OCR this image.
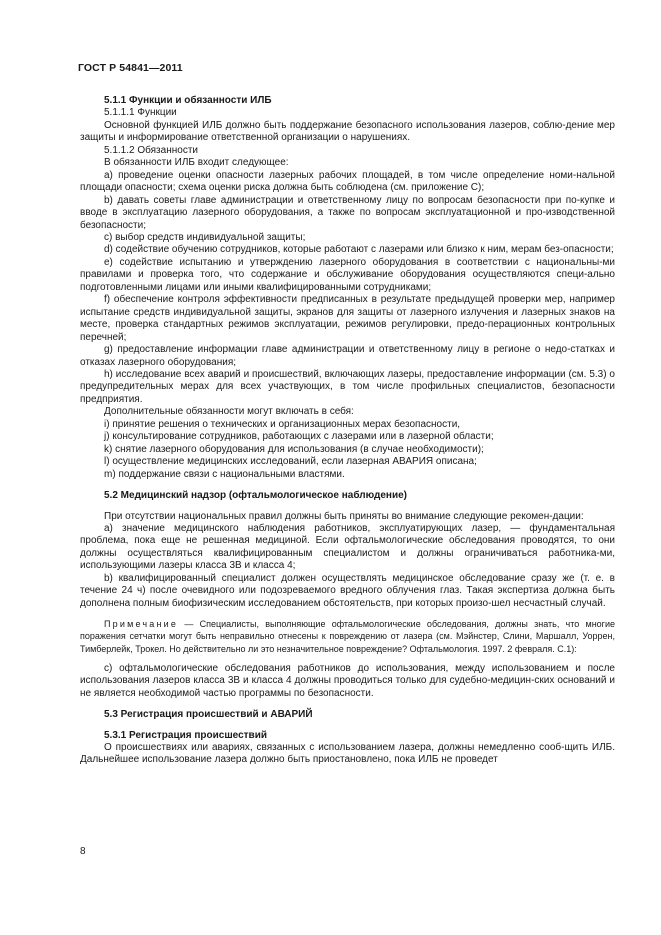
ГОСТ Р 54841—2011

5.1.1 Функции и обязанности ИЛБ

5.1.1.1 Функции

Основной функцией ИЛБ должно быть поддержание безопасного использования лазеров, соблю-дение мер защиты и информирование ответственной организации о нарушениях.

5.1.1.2 Обязанности

В обязанности ИЛБ входит следующее:

а) проведение оценки опасности лазерных рабочих площадей, в том числе определение номи-нальной площади опасности; схема оценки риска должна быть соблюдена (см. приложение С);

b) давать советы главе администрации и ответственному лицу по вопросам безопасности при по-купке и вводе в эксплуатацию лазерного оборудования, а также по вопросам эксплуатационной и про-изводственной безопасности;

с) выбор средств индивидуальной защиты;

d) содействие обучению сотрудников, которые работают с лазерами или близко к ним, мерам без-опасности;

е) содействие испытанию и утверждению лазерного оборудования в соответствии с национальны-ми правилами и проверка того, что содержание и обслуживание оборудования осуществляются специ-ально подготовленными лицами или иными квалифицированными сотрудниками;

f) обеспечение контроля эффективности предписанных в результате предыдущей проверки мер, например испытание средств индивидуальной защиты, экранов для защиты от лазерного излучения и лазерных знаков на месте, проверка стандартных режимов эксплуатации, режимов регулировки, предо-перационных контрольных перечней;

g) предоставление информации главе администрации и ответственному лицу в регионе о недо-статках и отказах лазерного оборудования;

h) исследование всех аварий и происшествий, включающих лазеры, предоставление информации (см. 5.3) о предупредительных мерах для всех участвующих, в том числе профильных специалистов, безопасности предприятия.

Дополнительные обязанности могут включать в себя:

i) принятие решения о технических и организационных мерах безопасности,

j) консультирование сотрудников, работающих с лазерами или в лазерной области;

k) снятие лазерного оборудования для использования (в случае необходимости);

l) осуществление медицинских исследований, если лазерная АВАРИЯ описана;

m) поддержание связи с национальными властями.

5.2 Медицинский надзор (офтальмологическое наблюдение)

При отсутствии национальных правил должны быть приняты во внимание следующие рекомен-дации:

а) значение медицинского наблюдения работников, эксплуатирующих лазер, — фундаментальная проблема, пока еще не решенная медициной. Если офтальмологические обследования проводятся, то они должны осуществляться квалифицированным специалистом и должны ограничиваться работника-ми, использующими лазеры класса 3В и класса 4;

b) квалифицированный специалист должен осуществлять медицинское обследование сразу же (т. е. в течение 24 ч) после очевидного или подозреваемого вредного облучения глаз. Такая экспертиза должна быть дополнена полным биофизическим исследованием обстоятельств, при которых произо-шел несчастный случай.

Примечание — Специалисты, выполняющие офтальмологические обследования, должны знать, что многие поражения сетчатки могут быть неправильно отнесены к повреждению от лазера (см. Мэйнстер, Слини, Маршалл, Уоррен, Тимберлейк, Трокел. Но действительно ли это незначительное повреждение? Офтальмология. 1997. 2 февраля. С.1):

с) офтальмологические обследования работников до использования, между использованием и после использования лазеров класса 3В и класса 4 должны проводиться только для судебно-медицин-ских оснований и не является необходимой частью программы по безопасности.

5.3 Регистрация происшествий и АВАРИЙ

5.3.1 Регистрация происшествий

О происшествиях или авариях, связанных с использованием лазера, должны немедленно сооб-щить ИЛБ. Дальнейшее использование лазера должно быть приостановлено, пока ИЛБ не проведет

8
